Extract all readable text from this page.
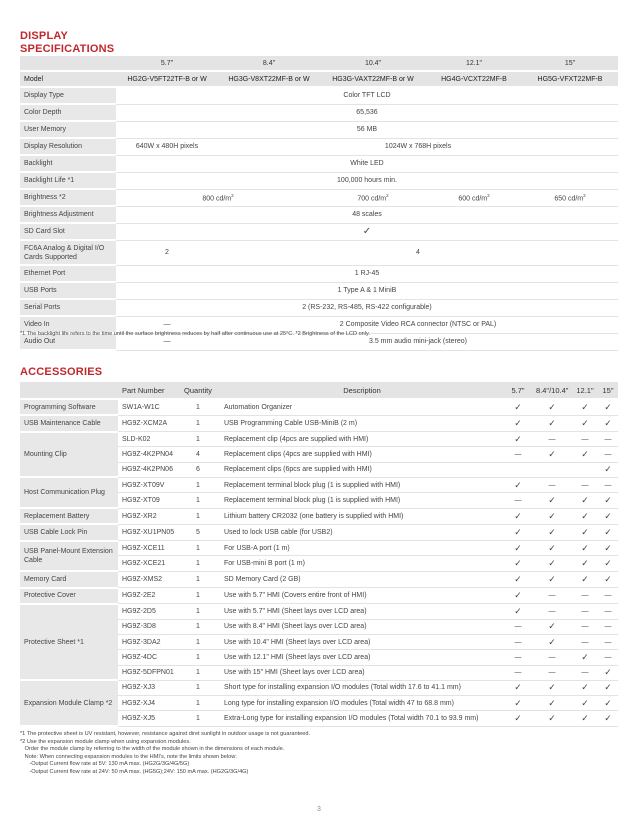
DISPLAY
SPECIFICATIONS
	5.7"	8.4"	10.4"	12.1"	15"
Model	HG2G-V5FT22TF-B or W	HG3G-V8XT22MF-B or W	HG3G-VAXT22MF-B or W	HG4G-VCXT22MF-B	HG5G-VFXT22MF-B
Display Type	Color TFT LCD				
Color Depth	65,536				
User Memory	56 MB				
Display Resolution	640W x 480H pixels	1024W x 768H pixels			
Backlight	White LED				
Backlight Life *1	100,000 hours min.				
Brightness *2	800 $cd/m^2$		700 $cd/m^2$	600 $cd/m^2$	650 $cd/m^2$
Brightness Adjustment	48 scales				
SD Card Slot	✓				
FC6A Analog & Digital I/O Cards Supported	2	4			
Ethernet Port	1 RJ-45				
USB Ports	1 Type A & 1 MiniB				
Serial Ports	2 (RS-232, RS-485, RS-422 configurable)				
Video In	—	2 Composite Video RCA connector (NTSC or PAL)			
Audio Out	—	3.5 mm audio mini-jack (stereo)			
*1 The backlight life refers to the time until the surface brightness reduces by half after continuous use at 25°C. *2 Brightness of the LCD only.
ACCESSORIES
	Part Number	Quantity	Description	5.7"	8.4"/10.4"	12.1"	15"
Programming Software	SW1A-W1C	1	Automation Organizer	✓	✓	✓	✓
USB Maintenance Cable	HG9Z-XCM2A	1	USB Programming Cable USB-MiniB (2 m)	✓	✓	✓	✓
Mounting Clip	SLD-K02	1	Replacement clip (4pcs are supplied with HMI)	✓	—	—	—
	HG9Z-4K2PN04	4	Replacement clips (4pcs are supplied with HMI)	—	✓	✓	—
	HG9Z-4K2PN06	6	Replacement clips (6pcs are supplied with HMI)				✓
Host Communication Plug	HG9Z-XT09V	1	Replacement terminal block plug (1 is supplied with HMI)	✓	—	—	—
	HG9Z-XT09	1	Replacement terminal block plug (1 is supplied with HMI)	—	✓	✓	✓
Replacement Battery	HG9Z-XR2	1	Lithium battery CR2032 (one battery is supplied with HMI)	✓	✓	✓	✓
USB Cable Lock Pin	HG9Z-XU1PN05	5	Used to lock USB cable (for USB2)	✓	✓	✓	✓
USB Panel-Mount Extension Cable	HG9Z-XCE11	1	For USB-A port (1 m)	✓	✓	✓	✓
	HG9Z-XCE21	1	For USB-mini B port (1 m)	✓	✓	✓	✓
Memory Card	HG9Z-XMS2	1	SD Memory Card (2 GB)	✓	✓	✓	✓
Protective Cover	HG9Z-2E2	1	Use with 5.7" HMI (Covers entire front of HMI)	✓	—	—	—
Protective Sheet *1	HG9Z-2D5	1	Use with 5.7" HMI (Sheet lays over LCD area)	✓	—	—	—
	HG9Z-3D8	1	Use with 8.4" HMI (Sheet lays over LCD area)	—	✓	—	—
	HG9Z-3DA2	1	Use with 10.4" HMI (Sheet lays over LCD area)	—	✓	—	—
	HG9Z-4DC	1	Use with 12.1" HMI (Sheet lays over LCD area)	—	—	✓	—
	HG9Z-5DFPN01	1	Use with 15" HMI (Sheet lays over LCD area)	—	—	—	✓
Expansion Module Clamp *2	HG9Z-XJ3	1	Short type for installing expansion I/O modules (Total width 17.6 to 41.1 mm)	✓	✓	✓	✓
	HG9Z-XJ4	1	Long type for installing expansion I/O modules (Total width 47 to 68.8 mm)	✓	✓	✓	✓
	HG9Z-XJ5	1	Extra-Long type for installing expansion I/O modules (Total width 70.1 to 93.9 mm)	✓	✓	✓	✓
*1 The protective sheet is UV resistant, however, resistance against diret sunlight in outdoor usage is not guaranteed.
*2 Use the expansion module clamp when using expansion modules.
Order the module clamp by referring to the width of the module shown in the dimensions of each module.
Note: When connecting expansion modules to the HMI's, note the limits shown below:
-Output Current flow rate at 5V: 130 mA max. (HG2G/3G/4G/5G)
-Output Current flow rate at 24V: 50 mA max. (HG5G);24V: 150 mA max. (HG2G/3G/4G)
3
